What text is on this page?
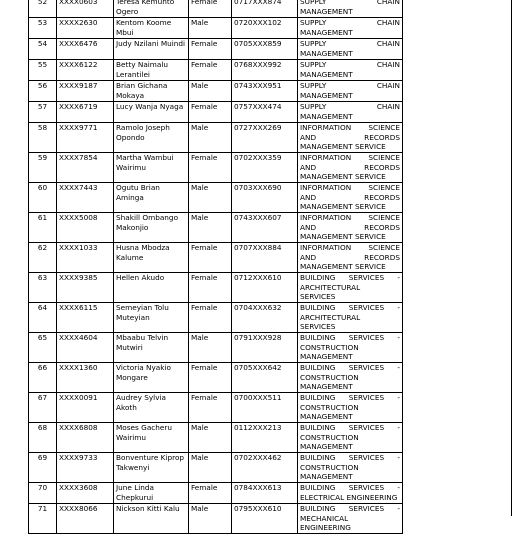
52	XXXX0603	Teresa Kemunto Ogero	Female	0717XXX874	SUPPLY CHAIN
MANAGEMENT

53	XXXX2630	Kentom Koome Mbui	Male	0720XXX102	SUPPLY CHAIN
MANAGEMENT

54	XXXX6476	Judy Nzilani Muindi	Female	0705XXX859	SUPPLY CHAIN
MANAGEMENT

55	XXXX6122	Betty Naimalu Lerantilei	Female	0768XXX992	SUPPLY CHAIN
MANAGEMENT

56	XXXX9187	Brian Gichana Mokaya	Male	0743XXX951	SUPPLY CHAIN
MANAGEMENT

57	XXXX6719	Lucy Wanja Nyaga	Female	0757XXX474	SUPPLY CHAIN
MANAGEMENT

58	XXXX9771	Ramolo Joseph Opondo	Male	0727XXX269	INFORMATION SCIENCE
AND RECORDS
MANAGEMENT SERVICE

59	XXXX7854	Martha Wambui Wairimu	Female	0702XXX359	INFORMATION SCIENCE
AND RECORDS
MANAGEMENT SERVICE

60	XXXX7443	Ogutu Brian Aminga	Male	0703XXX690	INFORMATION SCIENCE
AND RECORDS
MANAGEMENT SERVICE

61	XXXX5008	Shakill Ombango Makonjio	Male	0743XXX607	INFORMATION SCIENCE
AND RECORDS
MANAGEMENT SERVICE

62	XXXX1033	Husna Mbodza Kalume	Female	0707XXX884	INFORMATION SCIENCE
AND RECORDS
MANAGEMENT SERVICE

63	XXXX9385	Hellen Akudo	Female	0712XXX610	BUILDING SERVICES -
ARCHITECTURAL
SERVICES

64	XXXX6115	Semeyian Tolu Muteyian	Female	0704XXX632	BUILDING SERVICES -
ARCHITECTURAL
SERVICES

65	XXXX4604	Mbaabu Telvin Mutwiri	Male	0791XXX928	BUILDING SERVICES -
CONSTRUCTION
MANAGEMENT

66	XXXX1360	Victoria Nyakio Mongare	Female	0705XXX642	BUILDING SERVICES -
CONSTRUCTION
MANAGEMENT

67	XXXX0091	Audrey Sylvia Akoth	Female	0700XXX511	BUILDING SERVICES -
CONSTRUCTION
MANAGEMENT

68	XXXX6808	Moses Gacheru Wairimu	Male	0112XXX213	BUILDING SERVICES -
CONSTRUCTION
MANAGEMENT

69	XXXX9733	Bonventure Kiprop Takwenyi	Male	0702XXX462	BUILDING SERVICES -
CONSTRUCTION
MANAGEMENT

70	XXXX3608	June Linda Chepkurui	Female	0784XXX613	BUILDING SERVICES -
ELECTRICAL ENGINEERING

71	XXXX8066	Nickson Kitti Kalu	Male	0795XXX610	BUILDING SERVICES -
MECHANICAL
ENGINEERING
